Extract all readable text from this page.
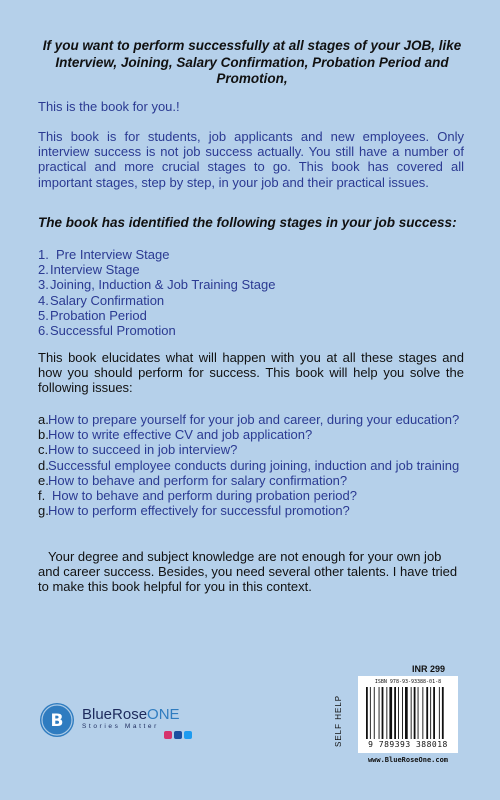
If you want to perform successfully at all stages of your JOB, like Interview, Joining, Salary Confirmation, Probation Period and Promotion,
This is the book for you.!
This book is for students, job applicants and new employees. Only interview success is not job success actually. You still have a number of practical and more crucial stages to go. This book has covered all important stages, step by step, in your job and their practical issues.
The book has identified the following stages in your job success:
1. Pre Interview Stage
2. Interview Stage
3. Joining, Induction & Job Training Stage
4. Salary Confirmation
5. Probation Period
6. Successful Promotion
This book elucidates what will happen with you at all these stages and how you should perform for success. This book will help you solve the following issues:
a. How to prepare yourself for your job and career, during your education?
b. How to write effective CV and job application?
c. How to succeed in job interview?
d. Successful employee conducts during joining, induction and job training
e. How to behave and perform for salary confirmation?
f. How to behave and perform during probation period?
g. How to perform effectively for successful promotion?
Your degree and subject knowledge are not enough for your own job and career success. Besides, you need several other talents. I have tried to make this book helpful for you in this context.
B BlueRoseONE
Stories Matter
INR 299
SELF HELP
ISBN 978-93-93388-01-8
9 789393 388018
www.BlueRoseOne.com
